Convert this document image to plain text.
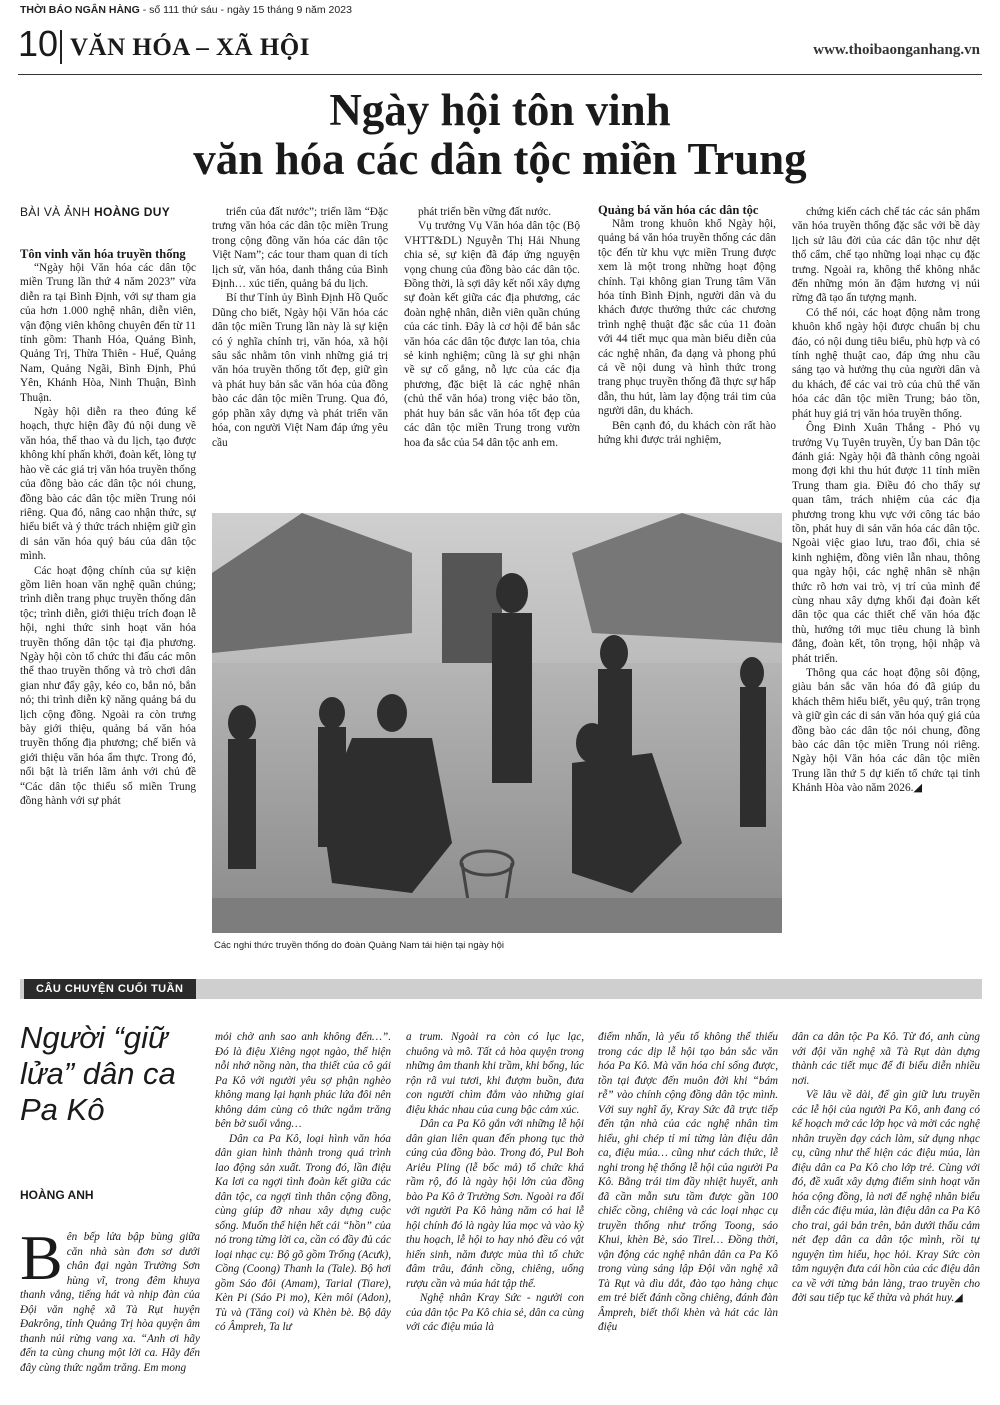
THỜI BÁO NGÂN HÀNG - số 111 thứ sáu - ngày 15 tháng 9 năm 2023
10 VĂN HÓA – XÃ HỘI	www.thoibaonganhang.vn
Ngày hội tôn vinh
văn hóa các dân tộc miền Trung
BÀI VÀ ẢNH HOÀNG DUY

Tôn vinh văn hóa truyền thống

“Ngày hội Văn hóa các dân tộc miền Trung lần thứ 4 năm 2023” vừa diễn ra tại Bình Định, với sự tham gia của hơn 1.000 nghệ nhân, diễn viên, vận động viên không chuyên đến từ 11 tỉnh gồm: Thanh Hóa, Quảng Bình, Quảng Trị, Thừa Thiên - Huế, Quảng Nam, Quảng Ngãi, Bình Định, Phú Yên, Khánh Hòa, Ninh Thuận, Bình Thuận.

Ngày hội diễn ra theo đúng kế hoạch, thực hiện đầy đủ nội dung về văn hóa, thể thao và du lịch, tạo được không khí phấn khởi, đoàn kết, lòng tự hào về các giá trị văn hóa truyền thống của đồng bào các dân tộc nói chung, đồng bào các dân tộc miền Trung nói riêng. Qua đó, nâng cao nhận thức, sự hiểu biết và ý thức trách nhiệm giữ gìn di sản văn hóa quý báu của dân tộc mình.

Các hoạt động chính của sự kiện gồm liên hoan văn nghệ quần chúng; trình diễn trang phục truyền thống dân tộc; trình diễn, giới thiệu trích đoạn lễ hội, nghi thức sinh hoạt văn hóa truyền thống dân tộc tại địa phương. Ngày hội còn tổ chức thi đấu các môn thể thao truyền thống và trò chơi dân gian như đẩy gậy, kéo co, bắn nỏ, bắn nỏ; thi trình diễn kỹ năng quảng bá du lịch cộng đồng. Ngoài ra còn trưng bày giới thiệu, quảng bá văn hóa truyền thống địa phương; chế biến và giới thiệu văn hóa ẩm thực. Trong đó, nổi bật là triển lãm ảnh với chủ đề “Các dân tộc thiểu số miền Trung đồng hành với sự phát

triển của đất nước”; triển lãm “Đặc trưng văn hóa các dân tộc miền Trung trong cộng đồng văn hóa các dân tộc Việt Nam”; các tour tham quan di tích lịch sử, văn hóa, danh thắng của Bình Định… xúc tiến, quảng bá du lịch.

Bí thư Tỉnh ủy Bình Định Hồ Quốc Dũng cho biết, Ngày hội Văn hóa các dân tộc miền Trung lần này là sự kiện có ý nghĩa chính trị, văn hóa, xã hội sâu sắc nhằm tôn vinh những giá trị văn hóa truyền thống tốt đẹp, giữ gìn và phát huy bản sắc văn hóa của đồng bào các dân tộc miền Trung. Qua đó, góp phần xây dựng và phát triển văn hóa, con người Việt Nam đáp ứng yêu cầu

phát triển bền vững đất nước.

Vụ trưởng Vụ Văn hóa dân tộc (Bộ VHTT&DL) Nguyễn Thị Hải Nhung chia sẻ, sự kiện đã đáp ứng nguyện vọng chung của đồng bào các dân tộc. Đồng thời, là sợi dây kết nối xây dựng sự đoàn kết giữa các địa phương, các đoàn nghệ nhân, diễn viên quần chúng của các tỉnh. Đây là cơ hội để bản sắc văn hóa các dân tộc được lan tỏa, chia sẻ kinh nghiệm; cũng là sự ghi nhận về sự cố gắng, nỗ lực của các địa phương, đặc biệt là các nghệ nhân (chủ thể văn hóa) trong việc bảo tồn, phát huy bản sắc văn hóa tốt đẹp của các dân tộc miền Trung trong vườn hoa đa sắc của 54 dân tộc anh em.

Quảng bá văn hóa các dân tộc

Nằm trong khuôn khổ Ngày hội, quảng bá văn hóa truyền thống các dân tộc đến từ khu vực miền Trung được xem là một trong những hoạt động chính. Tại không gian Trung tâm Văn hóa tỉnh Bình Định, người dân và du khách được thưởng thức các chương trình nghệ thuật đặc sắc của 11 đoàn với 44 tiết mục qua màn biểu diễn của các nghệ nhân, đa dạng và phong phú cả về nội dung và hình thức trong trang phục truyền thống đã thực sự hấp dẫn, thu hút, làm lay động trái tim của người dân, du khách.

Bên cạnh đó, du khách còn rất hào hứng khi được trải nghiệm,

chứng kiến cách chế tác các sản phẩm văn hóa truyền thống đặc sắc với bề dày lịch sử lâu đời của các dân tộc như dệt thổ cẩm, chế tạo những loại nhạc cụ đặc trưng. Ngoài ra, không thể không nhắc đến những món ăn đậm hương vị núi rừng đã tạo ấn tượng mạnh.

Có thể nói, các hoạt động nằm trong khuôn khổ ngày hội được chuẩn bị chu đáo, có nội dung tiêu biểu, phù hợp và có tính nghệ thuật cao, đáp ứng nhu cầu sáng tạo và hưởng thụ của người dân và du khách, để các vai trò của chủ thể văn hóa các dân tộc miền Trung; bảo tồn, phát huy giá trị văn hóa truyền thống.

Ông Đinh Xuân Thắng - Phó vụ trưởng Vụ Tuyên truyền, Ủy ban Dân tộc đánh giá: Ngày hội đã thành công ngoài mong đợi khi thu hút được 11 tỉnh miền Trung tham gia. Điều đó cho thấy sự quan tâm, trách nhiệm của các địa phương trong khu vực với công tác bảo tồn, phát huy di sản văn hóa các dân tộc. Ngoài việc giao lưu, trao đổi, chia sẻ kinh nghiệm, đồng viên lẫn nhau, thông qua ngày hội, các nghệ nhân sẽ nhận thức rõ hơn vai trò, vị trí của mình để cùng nhau xây dựng khối đại đoàn kết dân tộc qua các thiết chế văn hóa đặc thù, hướng tới mục tiêu chung là bình đẳng, đoàn kết, tôn trọng, hội nhập và phát triển.

Thông qua các hoạt động sôi động, giàu bản sắc văn hóa đó đã giúp du khách thêm hiểu biết, yêu quý, trân trọng và giữ gìn các di sản văn hóa quý giá của đồng bào các dân tộc nói chung, đồng bào các dân tộc miền Trung nói riêng. Ngày hội Văn hóa các dân tộc miền Trung lần thứ 5 dự kiến tổ chức tại tỉnh Khánh Hòa vào năm 2026.◢

Các nghi thức truyền thống do đoàn Quảng Nam tái hiện tại ngày hội
CÂU CHUYỆN CUỐI TUẦN
Người “giữ lửa” dân ca Pa Kô
HOÀNG ANH
Bên bếp lửa bập bùng giữa căn nhà sàn đơn sơ dưới chân đại ngàn Trường Sơn hùng vĩ, trong đêm khuya thanh vắng, tiếng hát và nhịp đàn của Đội văn nghệ xã Tà Rụt huyện Đakrông, tỉnh Quảng Trị hòa quyện âm thanh núi rừng vang xa. “Anh ơi hãy đến ta cùng chung một lời ca. Hãy đến đây cùng thức ngắm trăng. Em mong

mỏi chờ anh sao anh không đến…”. Đó là điệu Xiêng ngọt ngào, thể hiện nỗi nhớ nồng nàn, tha thiết của cô gái Pa Kô với người yêu sợ phận nghèo không mang lại hạnh phúc lứa đôi nên không dám cùng cô thức ngắm trăng bên bờ suối vắng…

Dân ca Pa Kô, loại hình văn hóa dân gian hình thành trong quá trình lao động sản xuất. Trong đó, lần điệu Ka lơi ca ngợi tình đoàn kết giữa các dân tộc, ca ngợi tình thân cộng đồng, cùng giúp đỡ nhau xây dựng cuộc sống. Muốn thể hiện hết cái “hồn” của nó trong từng lời ca, cần có đầy đủ các loại nhạc cụ: Bộ gõ gồm Trống (Acưk), Cồng (Coong) Thanh la (Tale). Bộ hơi gồm Sáo đôi (Amam), Tarial (Tiare), Kèn Pi (Sáo Pi mo), Kèn môi (Adon), Tù và (Tăng coi) và Khèn bè. Bộ dây có Âmpreh, Ta lư

a trum. Ngoài ra còn có lục lạc, chuông và mõ. Tất cả hòa quyện trong những âm thanh khi trầm, khi bổng, lúc rộn rã vui tươi, khi đượm buồn, đưa con người chìm đắm vào những giai điệu khác nhau của cung bậc cảm xúc.

Dân ca Pa Kô gắn với những lễ hội dân gian liên quan đến phong tục thờ cúng của đồng bào. Trong đó, Pul Boh Ariêu Pling (lễ bốc mả) tổ chức khá rầm rộ, đó là ngày hội lớn của đồng bào Pa Kô ở Trường Sơn. Ngoài ra đối với người Pa Kô hàng năm có hai lễ hội chính đó là ngày lúa mọc và vào kỳ thu hoạch, lễ hội to hay nhỏ đều có vật hiến sinh, năm được mùa thì tổ chức đâm trâu, đánh cồng, chiêng, uống rượu cần và múa hát tập thể.

Nghệ nhân Kray Sức - người con của dân tộc Pa Kô chia sẻ, dân ca cùng với các điệu múa là

điểm nhấn, là yếu tố không thể thiếu trong các dịp lễ hội tạo bản sắc văn hóa Pa Kô. Mà văn hóa chỉ sống được, tồn tại được đến muôn đời khi “bám rễ” vào chính cộng đồng dân tộc mình. Với suy nghĩ ấy, Kray Sức đã trực tiếp đến tận nhà của các nghệ nhân tìm hiểu, ghi chép tỉ mỉ từng làn điệu dân ca, điệu múa… cũng như cách thức, lễ nghi trong hệ thống lễ hội của người Pa Kô. Bằng trái tim đầy nhiệt huyết, anh đã cần mẫn sưu tầm được gần 100 chiếc cồng, chiêng và các loại nhạc cụ truyền thống như trống Toong, sáo Khui, khèn Bè, sáo Tirel… Đồng thời, vận động các nghệ nhân dân ca Pa Kô trong vùng sáng lập Đội văn nghệ xã Tà Rụt và dìu dắt, đào tạo hàng chục em trẻ biết đánh cồng chiêng, đánh đàn Âmpreh, biết thổi khèn và hát các làn điệu

dân ca dân tộc Pa Kô. Từ đó, anh cùng với đội văn nghệ xã Tà Rụt dàn dựng thành các tiết mục để đi biểu diễn nhiều nơi.

Về lâu về dài, để gìn giữ lưu truyền các lễ hội của người Pa Kô, anh đang có kế hoạch mở các lớp học và mời các nghệ nhân truyền dạy cách làm, sử dụng nhạc cụ, cũng như thể hiện các điệu múa, làn điệu dân ca Pa Kô cho lớp trẻ. Cùng với đó, đề xuất xây dựng điểm sinh hoạt văn hóa cộng đồng, là nơi để nghệ nhân biểu diễn các điệu múa, làn điệu dân ca Pa Kô cho trai, gái bản trên, bản dưới thấu cảm nét đẹp dân ca dân tộc mình, rồi tự nguyện tìm hiểu, học hỏi. Kray Sức còn tâm nguyện đưa cái hồn của các điệu dân ca về với từng bản làng, trao truyền cho đời sau tiếp tục kế thừa và phát huy.◢
